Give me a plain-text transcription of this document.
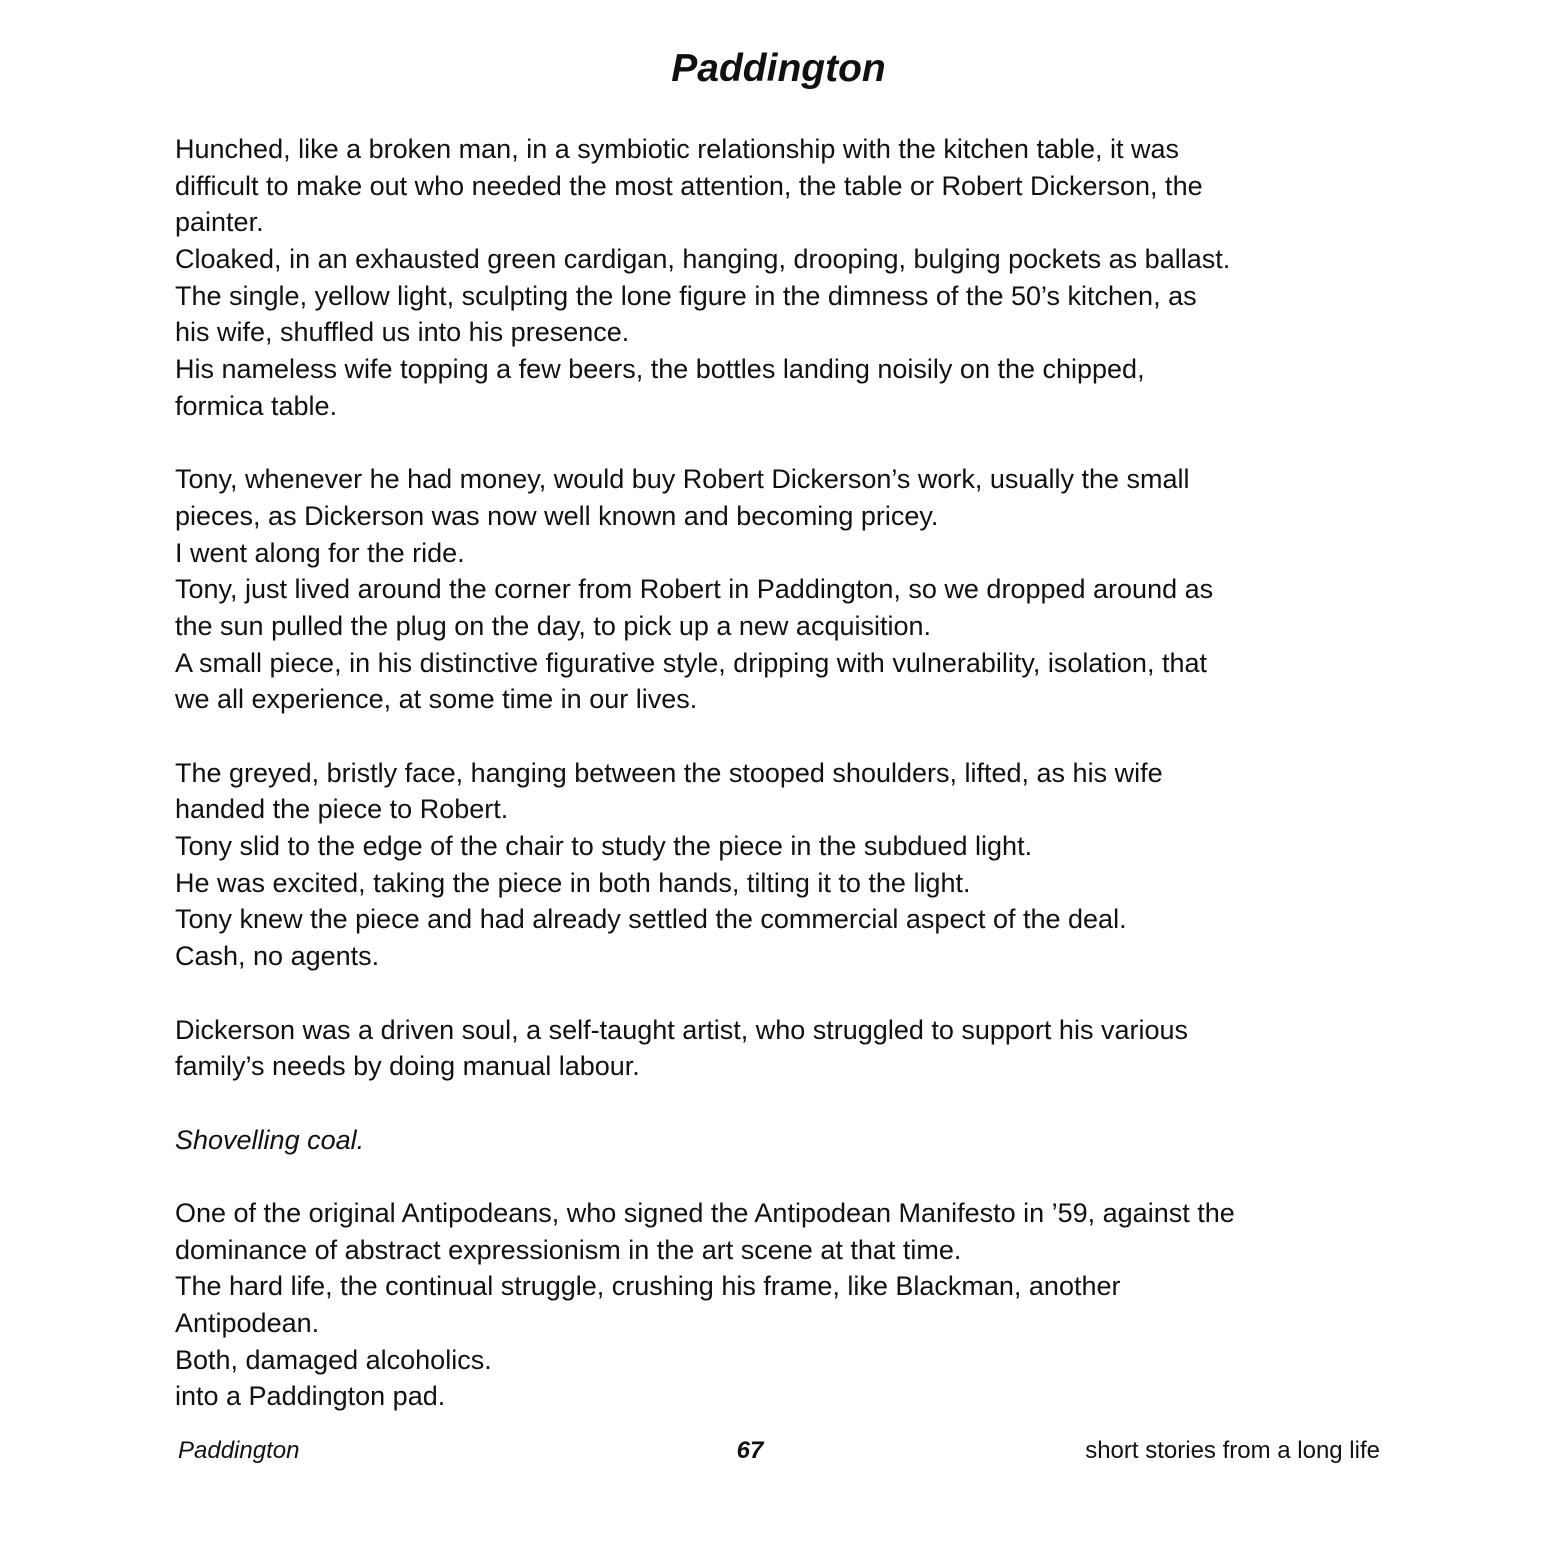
Paddington
Hunched, like a broken man, in a symbiotic relationship with the kitchen table, it was
difficult to make out who needed the most attention, the table or Robert Dickerson, the
painter.
Cloaked, in an exhausted green cardigan, hanging, drooping, bulging pockets as ballast.
The single, yellow light, sculpting the lone figure in the dimness of the 50’s kitchen, as
his wife, shuffled us into his presence.
His nameless wife topping a few beers, the bottles landing noisily on the chipped,
formica table.
Tony, whenever he had money, would buy Robert Dickerson’s work, usually the small
pieces, as Dickerson was now well known and becoming pricey.
I went along for the ride.
Tony, just lived around the corner from Robert in Paddington, so we dropped around as
the sun pulled the plug on the day, to pick up a new acquisition.
A small piece, in his distinctive figurative style, dripping with vulnerability, isolation, that
we all experience, at some time in our lives.
The greyed, bristly face, hanging between the stooped shoulders, lifted, as his wife
handed the piece to Robert.
Tony slid to the edge of the chair to study the piece in the subdued light.
He was excited, taking the piece in both hands, tilting it to the light.
Tony knew the piece and had already settled the commercial aspect of the deal.
Cash, no agents.
Dickerson was a driven soul, a self-taught artist, who struggled to support his various
family’s needs by doing manual labour.
Shovelling coal.
One of the original Antipodeans, who signed the Antipodean Manifesto in ’59, against the
dominance of abstract expressionism in the art scene at that time.
The hard life, the continual struggle, crushing his frame, like Blackman, another
Antipodean.
Both, damaged alcoholics.
into a Paddington pad.
Paddington	67	short stories from a long life
